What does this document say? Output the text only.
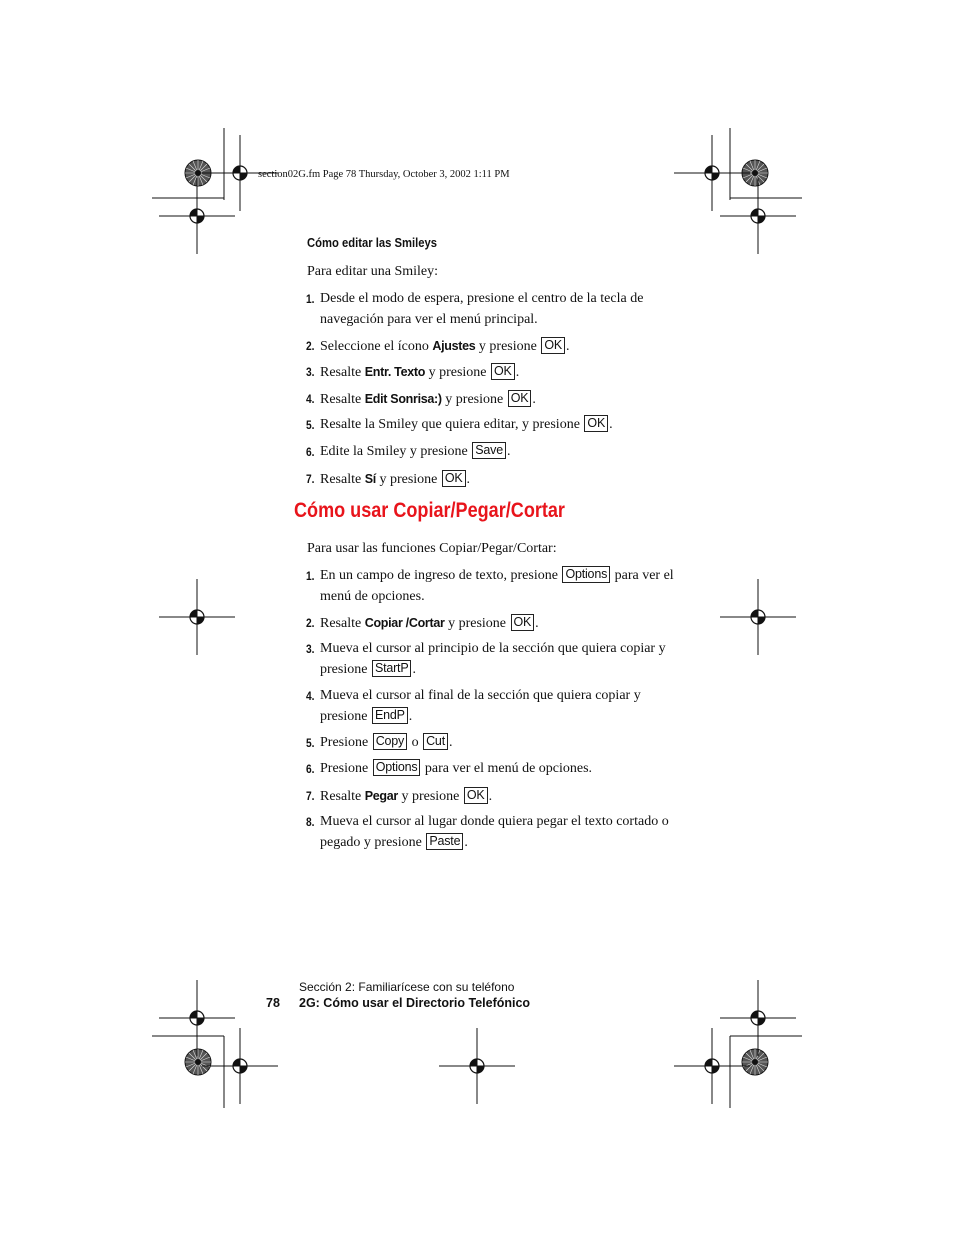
section02G.fm Page 78 Thursday, October 3, 2002 1:11 PM
Cómo editar las Smileys
Para editar una Smiley:
1. Desde el modo de espera, presione el centro de la tecla de navegación para ver el menú principal.
2. Seleccione el ícono Ajustes y presione OK .
3. Resalte Entr. Texto y presione OK .
4. Resalte Edit Sonrisa:) y presione OK .
5. Resalte la Smiley que quiera editar, y presione OK .
6. Edite la Smiley y presione Save .
7. Resalte Sí y presione OK .
Cómo usar Copiar/Pegar/Cortar
Para usar las funciones Copiar/Pegar/Cortar:
1. En un campo de ingreso de texto, presione Options para ver el menú de opciones.
2. Resalte Copiar /Cortar y presione OK .
3. Mueva el cursor al principio de la sección que quiera copiar y presione StartP .
4. Mueva el cursor al final de la sección que quiera copiar y presione EndP .
5. Presione Copy o Cut .
6. Presione Options para ver el menú de opciones.
7. Resalte Pegar y presione OK .
8. Mueva el cursor al lugar donde quiera pegar el texto cortado o pegado y presione Paste .
78
Sección 2: Familiarícese con su teléfono
2G: Cómo usar el Directorio Telefónico
